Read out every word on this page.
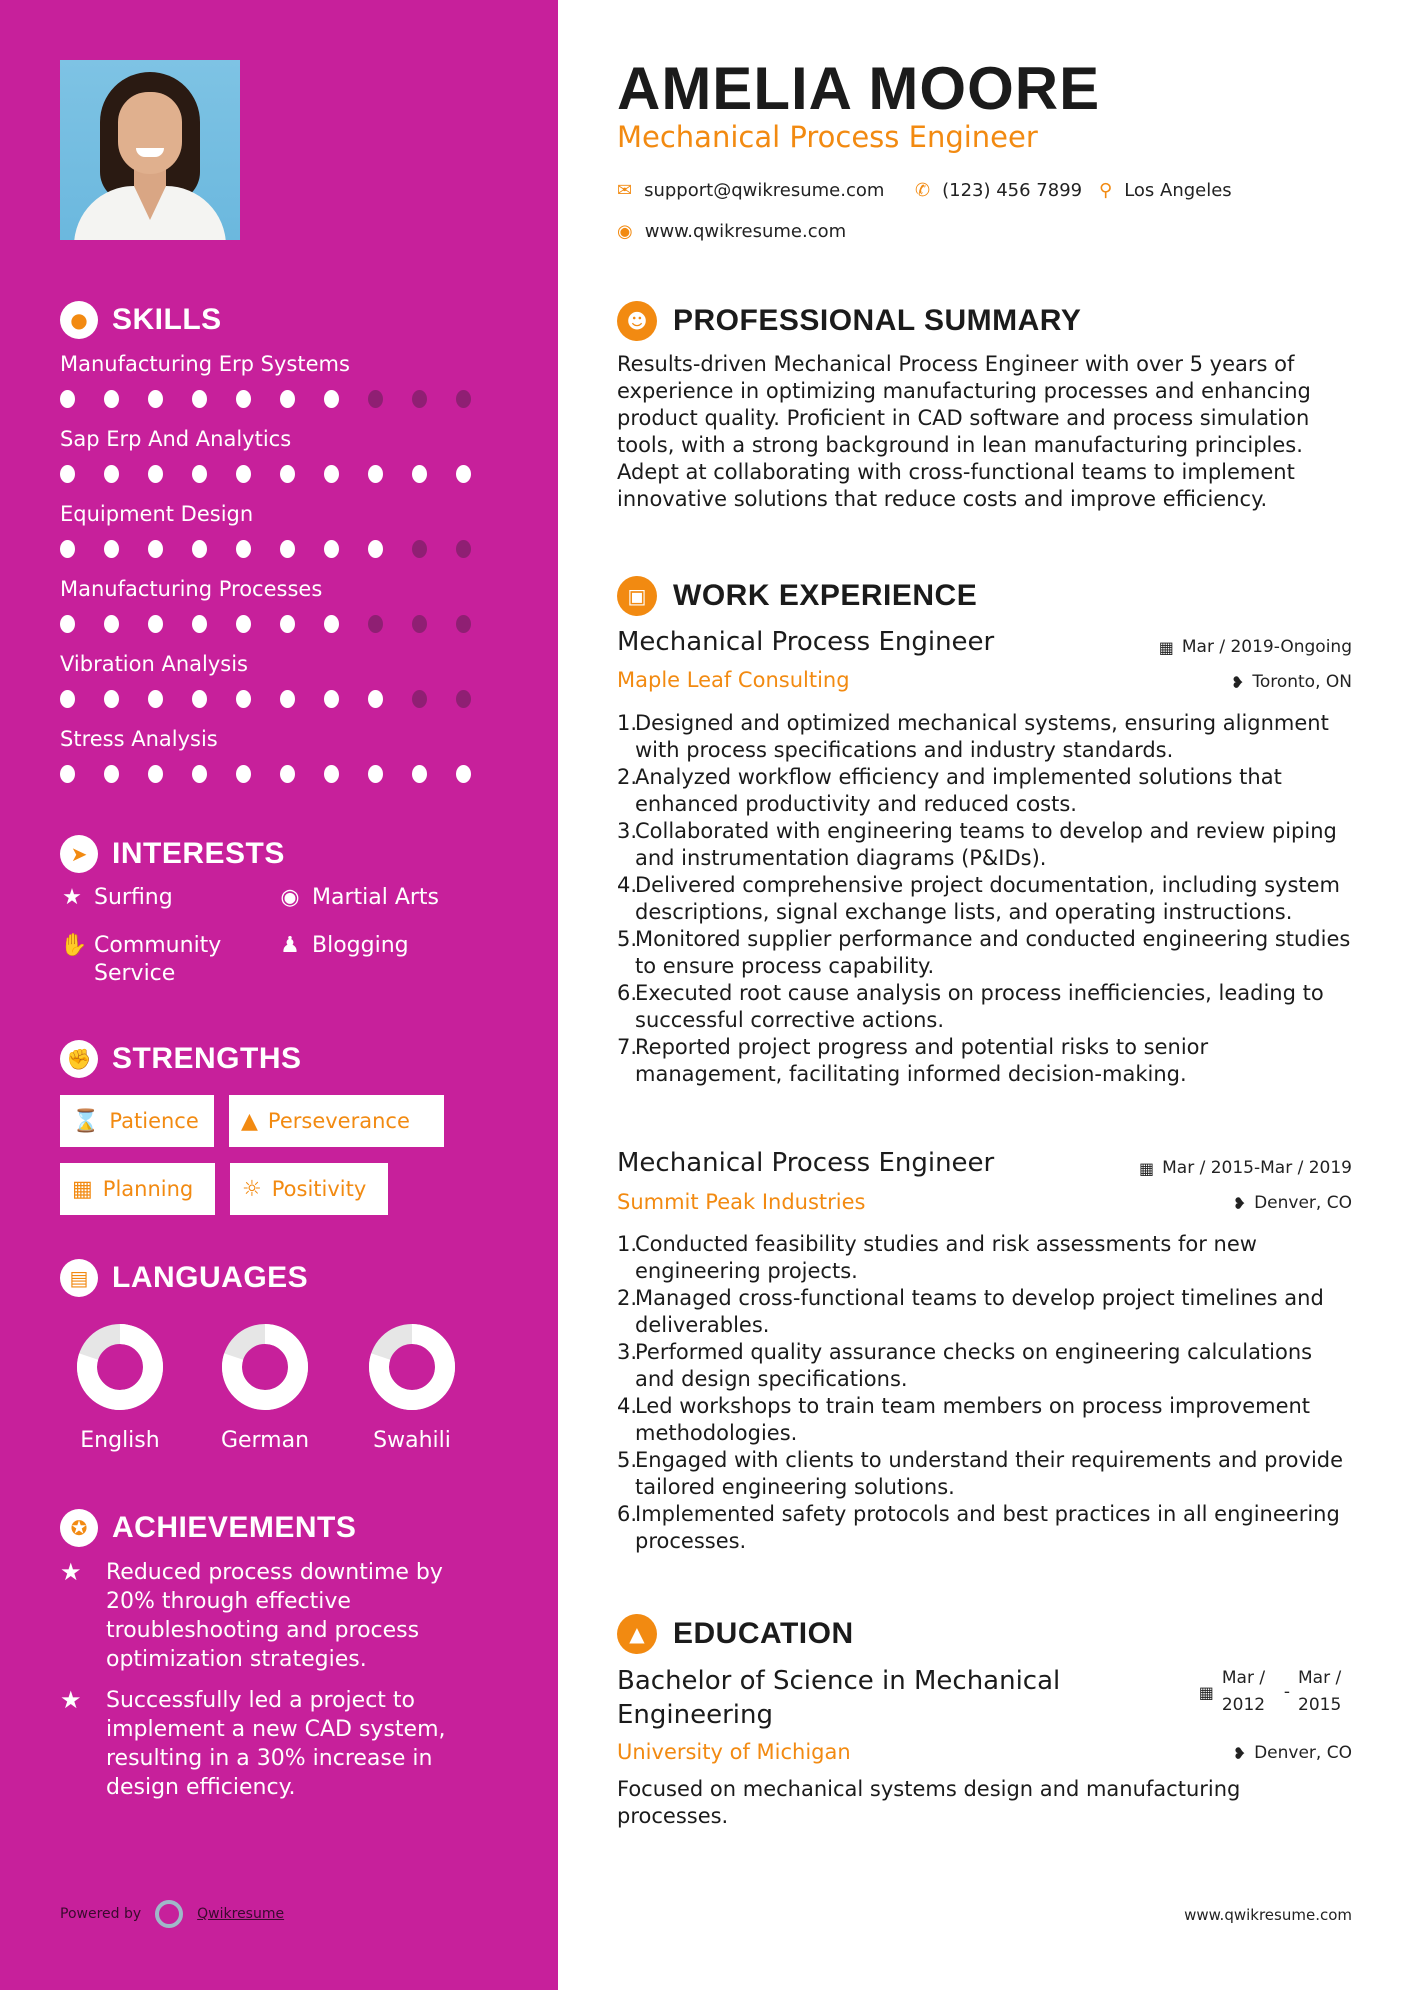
● SKILLS
Manufacturing Erp Systems
Sap Erp And Analytics
Equipment Design
Manufacturing Processes
Vibration Analysis
Stress Analysis
➤ INTERESTS
★ Surfing	◉ Martial Arts
✋ Community Service
♟ Blogging
✊ STRENGTHS
⌛ Patience ▲ Perseverance
▦ Planning ☼ Positivity
▤ LANGUAGES
English	German	Swahili
✪ ACHIEVEMENTS
★	Reduced process downtime by 20% through effective troubleshooting and process optimization strategies.
★	Successfully led a project to implement a new CAD system, resulting in a 30% increase in design efficiency.
Powered by	Qwikresume
AMELIA MOORE
Mechanical Process Engineer
✉ support@qwikresume.com ✆ (123) 456 7899 ⚲ Los Angeles
◉ www.qwikresume.com
☻ PROFESSIONAL SUMMARY
Results-driven Mechanical Process Engineer with over 5 years of experience in optimizing manufacturing processes and enhancing product quality. Proficient in CAD software and process simulation tools, with a strong background in lean manufacturing principles. Adept at collaborating with cross-functional teams to implement innovative solutions that reduce costs and improve efficiency.
▣ WORK EXPERIENCE
Mechanical Process Engineer	▦ Mar / 2019-Ongoing
Maple Leaf Consulting	❥ Toronto, ON
Designed and optimized mechanical systems, ensuring alignment with process specifications and industry standards.
Analyzed workflow efficiency and implemented solutions that enhanced productivity and reduced costs.
Collaborated with engineering teams to develop and review piping and instrumentation diagrams (P&IDs).
Delivered comprehensive project documentation, including system descriptions, signal exchange lists, and operating instructions.
Monitored supplier performance and conducted engineering studies to ensure process capability.
Executed root cause analysis on process inefficiencies, leading to successful corrective actions.
Reported project progress and potential risks to senior management, facilitating informed decision-making.
Mechanical Process Engineer	▦ Mar / 2015-Mar / 2019
Summit Peak Industries	❥ Denver, CO
Conducted feasibility studies and risk assessments for new engineering projects.
Managed cross-functional teams to develop project timelines and deliverables.
Performed quality assurance checks on engineering calculations and design specifications.
Led workshops to train team members on process improvement methodologies.
Engaged with clients to understand their requirements and provide tailored engineering solutions.
Implemented safety protocols and best practices in all engineering processes.
▲ EDUCATION
Bachelor of Science in Mechanical Engineering
▦
Mar / 2012
-
Mar / 2015
University of Michigan	❥ Denver, CO
Focused on mechanical systems design and manufacturing processes.
www.qwikresume.com
